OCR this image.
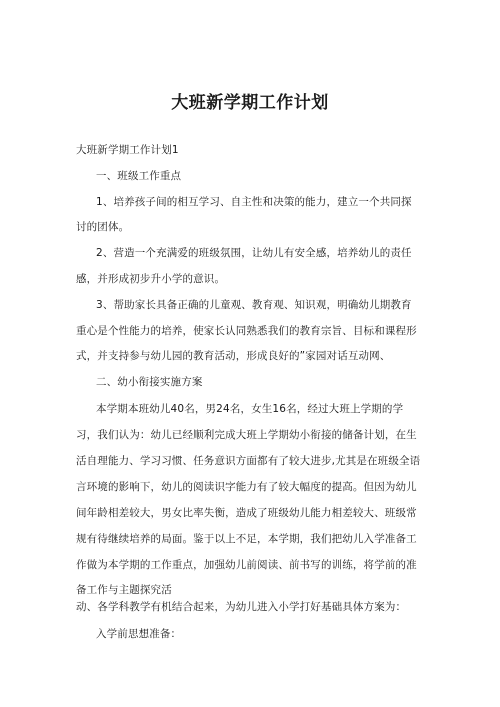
大班新学期工作计划
大班新学期工作计划1
一、班级工作重点
1、培养孩子间的相互学习、自主性和决策的能力，建立一个共同探
讨的团体。
2、营造一个充满爱的班级氛围，让幼儿有安全感，培养幼儿的责任
感，并形成初步升小学的意识。
3、帮助家长具备正确的儿童观、教育观、知识观，明确幼儿期教育
重心是个性能力的培养，使家长认同熟悉我们的教育宗旨、目标和课程形
式，并支持参与幼儿园的教育活动，形成良好的”家园对话互动网、
二、幼小衔接实施方案
本学期本班幼儿40名，男24名，女生16名，经过大班上学期的学
习，我们认为：幼儿已经顺利完成大班上学期幼小衔接的储备计划，在生
活自理能力、学习习惯、任务意识方面都有了较大进步,尤其是在班级全语
言环境的影响下，幼儿的阅读识字能力有了较大幅度的提高。但因为幼儿
间年龄相差较大，男女比率失衡，造成了班级幼儿能力相差较大、班级常
规有待继续培养的局面。鉴于以上不足，本学期，我们把幼儿入学准备工
作做为本学期的工作重点，加强幼儿前阅读、前书写的训练，将学前的准
备工作与主题探究活
动、各学科教学有机结合起来，为幼儿进入小学打好基础具体方案为：
入学前思想准备：
